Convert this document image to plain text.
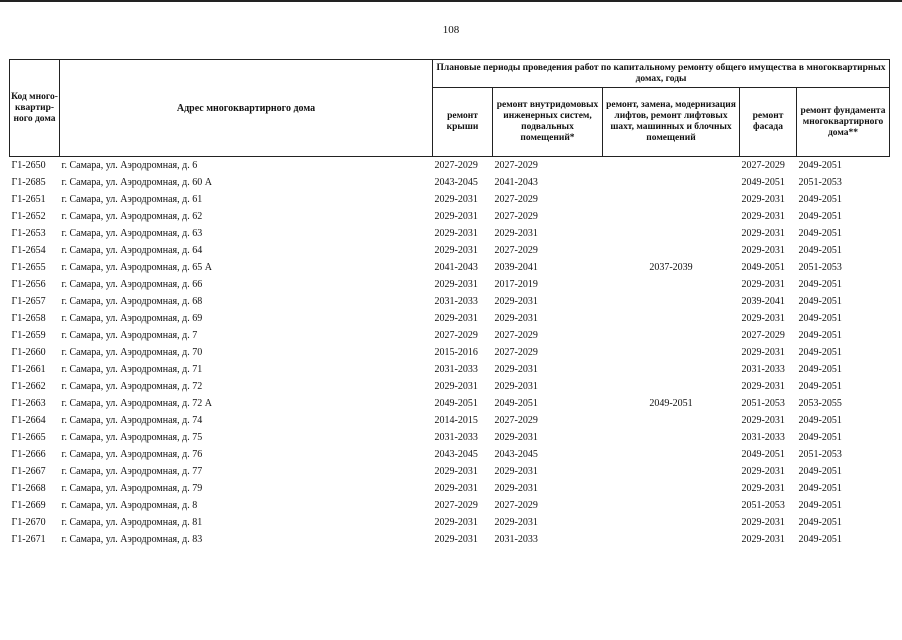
108
Код много-квартир-ного дома	Адрес многоквартирного дома	Плановые периоды проведения работ по капитальному ремонту общего имущества в многоквартирных домах, годы				
		ремонт крыши	ремонт внутридомовых инженерных систем, подвальных помещений*	ремонт, замена, модернизация лифтов, ремонт лифтовых шахт, машинных и блочных помещений	ремонт фасада	ремонт фундамента многоквартирного дома**
Г1-2650	г. Самара, ул. Аэродромная, д. 6	2027-2029	2027-2029		2027-2029	2049-2051
Г1-2685	г. Самара, ул. Аэродромная, д. 60 А	2043-2045	2041-2043		2049-2051	2051-2053
Г1-2651	г. Самара, ул. Аэродромная, д. 61	2029-2031	2027-2029		2029-2031	2049-2051
Г1-2652	г. Самара, ул. Аэродромная, д. 62	2029-2031	2027-2029		2029-2031	2049-2051
Г1-2653	г. Самара, ул. Аэродромная, д. 63	2029-2031	2029-2031		2029-2031	2049-2051
Г1-2654	г. Самара, ул. Аэродромная, д. 64	2029-2031	2027-2029		2029-2031	2049-2051
Г1-2655	г. Самара, ул. Аэродромная, д. 65 А	2041-2043	2039-2041	2037-2039	2049-2051	2051-2053
Г1-2656	г. Самара, ул. Аэродромная, д. 66	2029-2031	2017-2019		2029-2031	2049-2051
Г1-2657	г. Самара, ул. Аэродромная, д. 68	2031-2033	2029-2031		2039-2041	2049-2051
Г1-2658	г. Самара, ул. Аэродромная, д. 69	2029-2031	2029-2031		2029-2031	2049-2051
Г1-2659	г. Самара, ул. Аэродромная, д. 7	2027-2029	2027-2029		2027-2029	2049-2051
Г1-2660	г. Самара, ул. Аэродромная, д. 70	2015-2016	2027-2029		2029-2031	2049-2051
Г1-2661	г. Самара, ул. Аэродромная, д. 71	2031-2033	2029-2031		2031-2033	2049-2051
Г1-2662	г. Самара, ул. Аэродромная, д. 72	2029-2031	2029-2031		2029-2031	2049-2051
Г1-2663	г. Самара, ул. Аэродромная, д. 72 А	2049-2051	2049-2051	2049-2051	2051-2053	2053-2055
Г1-2664	г. Самара, ул. Аэродромная, д. 74	2014-2015	2027-2029		2029-2031	2049-2051
Г1-2665	г. Самара, ул. Аэродромная, д. 75	2031-2033	2029-2031		2031-2033	2049-2051
Г1-2666	г. Самара, ул. Аэродромная, д. 76	2043-2045	2043-2045		2049-2051	2051-2053
Г1-2667	г. Самара, ул. Аэродромная, д. 77	2029-2031	2029-2031		2029-2031	2049-2051
Г1-2668	г. Самара, ул. Аэродромная, д. 79	2029-2031	2029-2031		2029-2031	2049-2051
Г1-2669	г. Самара, ул. Аэродромная, д. 8	2027-2029	2027-2029		2051-2053	2049-2051
Г1-2670	г. Самара, ул. Аэродромная, д. 81	2029-2031	2029-2031		2029-2031	2049-2051
Г1-2671	г. Самара, ул. Аэродромная, д. 83	2029-2031	2031-2033		2029-2031	2049-2051
